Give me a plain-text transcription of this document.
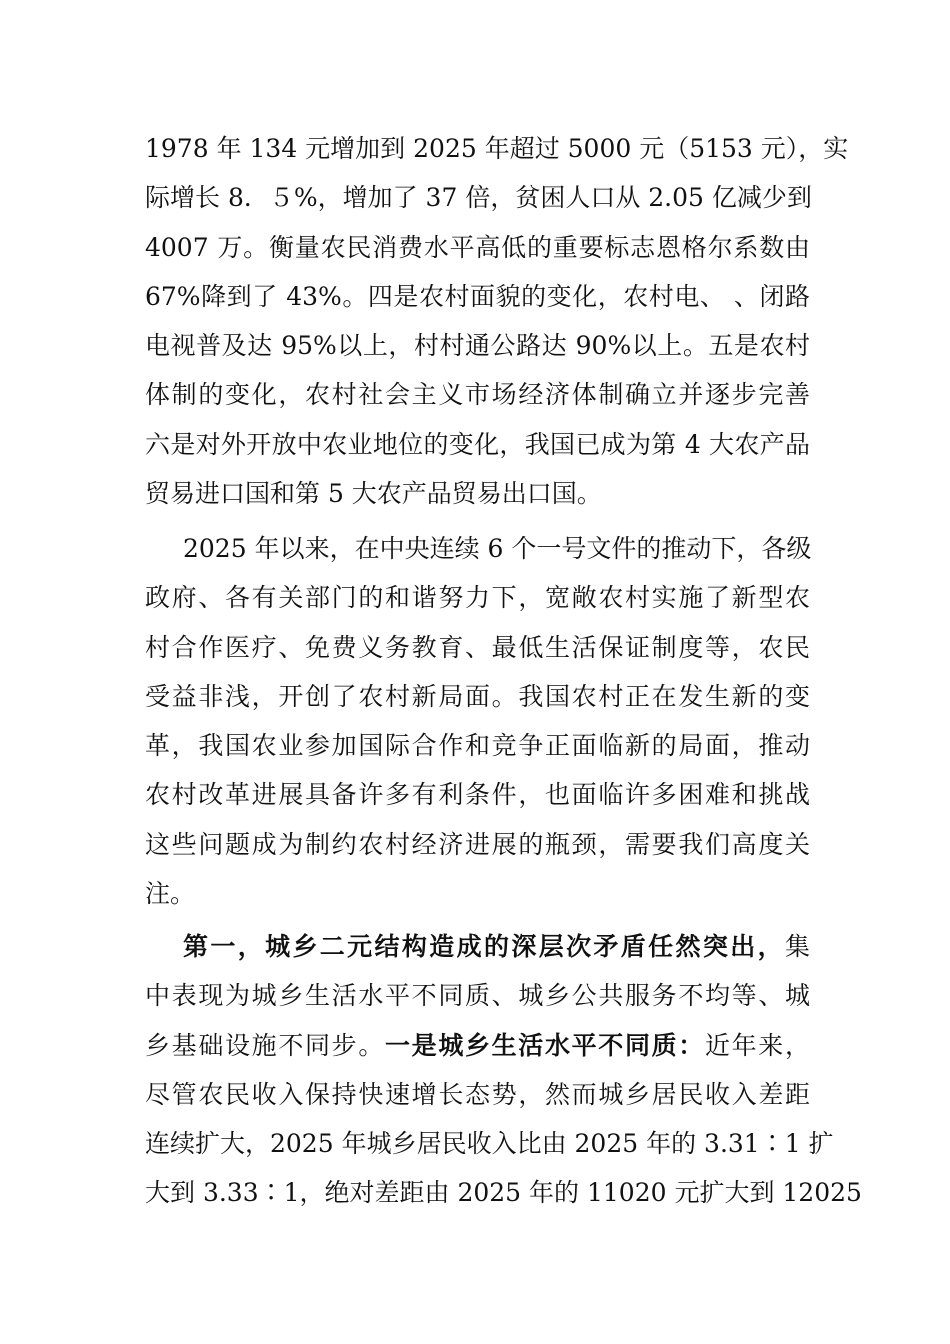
1978 年 134 元增加到 2025 年超过 5000 元（5153 元），实
际增长 8．５%，增加了 37 倍，贫困人口从 2.05 亿减少到
4007 万。衡量农民消费水平高低的重要标志恩格尔系数由
67%降到了 43%。四是农村面貌的变化，农村电、 、闭路
电视普及达 95%以上，村村通公路达 90%以上。五是农村
体制的变化，农村社会主义市场经济体制确立并逐步完善
六是对外开放中农业地位的变化，我国已成为第 4 大农产品
贸易进口国和第 5 大农产品贸易出口国。
2025 年以来，在中央连续 6 个一号文件的推动下，各级
政府、各有关部门的和谐努力下，宽敞农村实施了新型农
村合作医疗、免费义务教育、最低生活保证制度等，农民
受益非浅，开创了农村新局面。我国农村正在发生新的变
革，我国农业参加国际合作和竞争正面临新的局面，推动
农村改革进展具备许多有利条件，也面临许多困难和挑战
这些问题成为制约农村经济进展的瓶颈，需要我们高度关
注。
第一，城乡二元结构造成的深层次矛盾任然突出，集
中表现为城乡生活水平不同质、城乡公共服务不均等、城
乡基础设施不同步。一是城乡生活水平不同质：近年来，
尽管农民收入保持快速增长态势，然而城乡居民收入差距
连续扩大，2025 年城乡居民收入比由 2025 年的 3.31∶1 扩
大到 3.33∶1，绝对差距由 2025 年的 11020 元扩大到 12025
